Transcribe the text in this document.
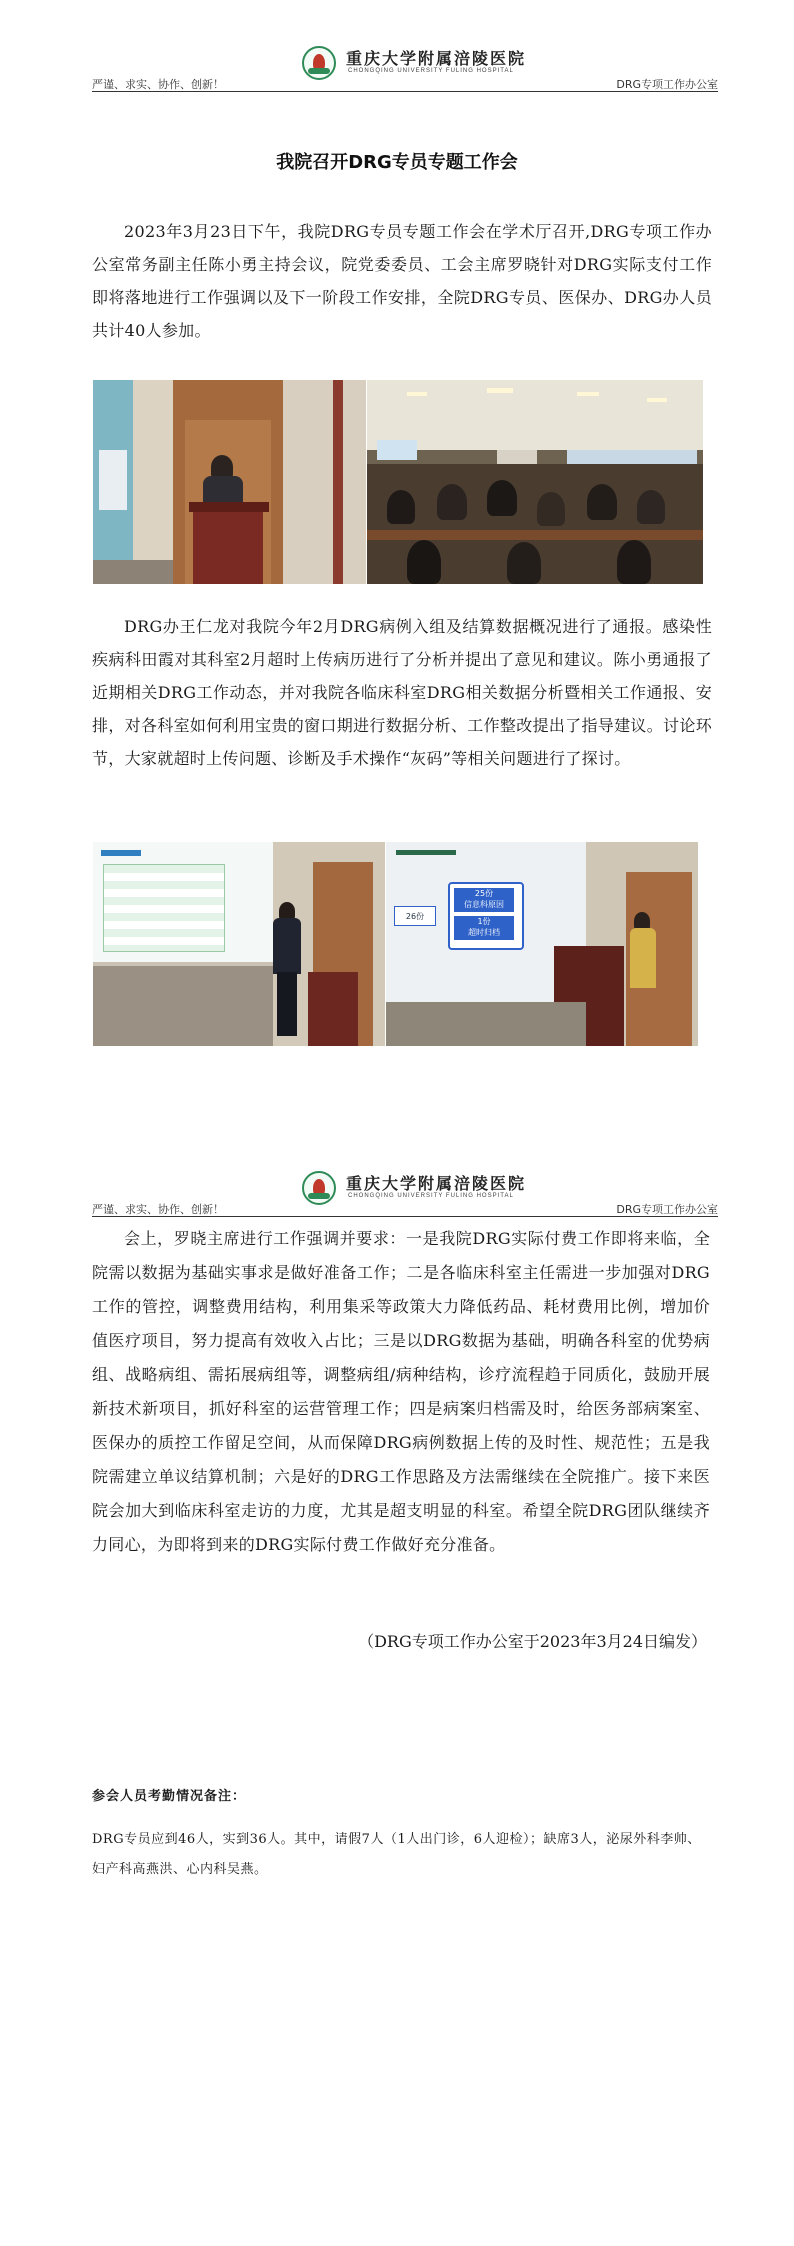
重庆大学附属涪陵医院
CHONGQING UNIVERSITY FULING HOSPITAL
严谨、求实、协作、创新！	DRG专项工作办公室
我院召开DRG专员专题工作会

2023年3月23日下午，我院DRG专员专题工作会在学术厅召开,DRG专项工作办公室常务副主任陈小勇主持会议，院党委委员、工会主席罗晓针对DRG实际支付工作即将落地进行工作强调以及下一阶段工作安排，全院DRG专员、医保办、DRG办人员共计40人参加。

DRG办王仁龙对我院今年2月DRG病例入组及结算数据概况进行了通报。感染性疾病科田霞对其科室2月超时上传病历进行了分析并提出了意见和建议。陈小勇通报了近期相关DRG工作动态，并对我院各临床科室DRG相关数据分析暨相关工作通报、安排，对各科室如何利用宝贵的窗口期进行数据分析、工作整改提出了指导建议。讨论环节，大家就超时上传问题、诊断及手术操作“灰码”等相关问题进行了探讨。

26份
25份
信息科原因
1份
超时归档
重庆大学附属涪陵医院
CHONGQING UNIVERSITY FULING HOSPITAL
严谨、求实、协作、创新！	DRG专项工作办公室

会上，罗晓主席进行工作强调并要求：一是我院DRG实际付费工作即将来临，全院需以数据为基础实事求是做好准备工作；二是各临床科室主任需进一步加强对DRG工作的管控，调整费用结构，利用集采等政策大力降低药品、耗材费用比例，增加价值医疗项目，努力提高有效收入占比；三是以DRG数据为基础，明确各科室的优势病组、战略病组、需拓展病组等，调整病组/病种结构，诊疗流程趋于同质化，鼓励开展新技术新项目，抓好科室的运营管理工作；四是病案归档需及时，给医务部病案室、医保办的质控工作留足空间，从而保障DRG病例数据上传的及时性、规范性；五是我院需建立单议结算机制；六是好的DRG工作思路及方法需继续在全院推广。接下来医院会加大到临床科室走访的力度，尤其是超支明显的科室。希望全院DRG团队继续齐力同心，为即将到来的DRG实际付费工作做好充分准备。

（DRG专项工作办公室于2023年3月24日编发）
参会人员考勤情况备注：

DRG专员应到46人，实到36人。其中，请假7人（1人出门诊，6人迎检）；缺席3人，泌尿外科李帅、妇产科高燕洪、心内科吴燕。
